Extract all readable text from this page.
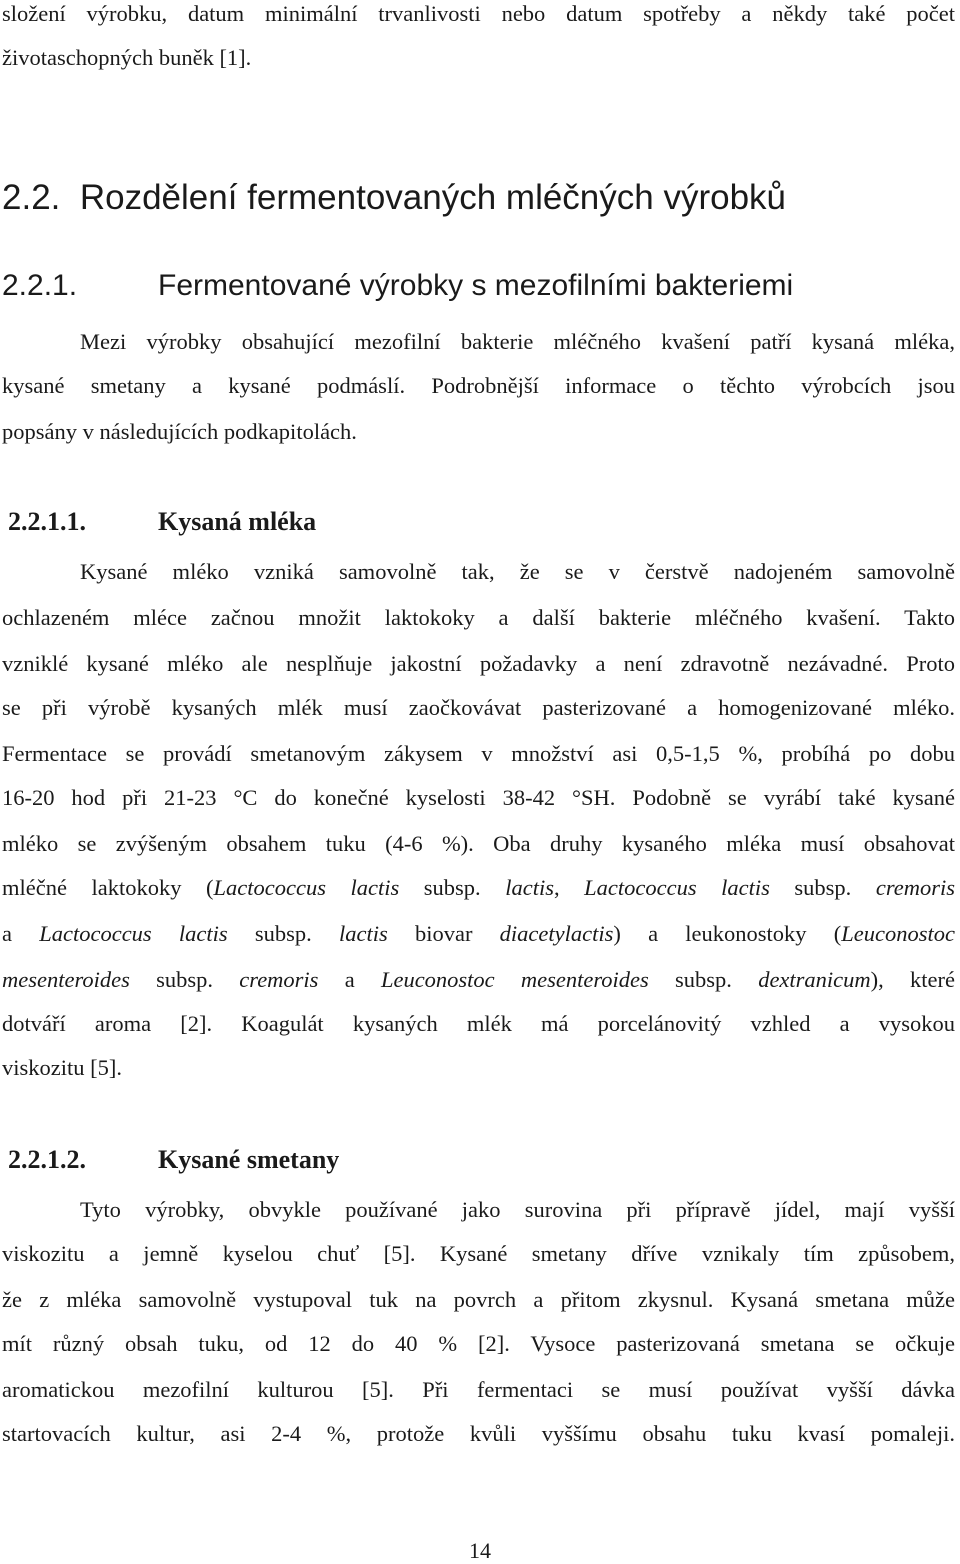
složení výrobku, datum minimální trvanlivosti nebo datum spotřeby a někdy také počet
životaschopných buněk [1].
2.2. Rozdělení fermentovaných mléčných výrobků
2.2.1.	Fermentované výrobky s mezofilními bakteriemi
Mezi výrobky obsahující mezofilní bakterie mléčného kvašení patří kysaná mléka,
kysané smetany a kysané podmáslí. Podrobnější informace o těchto výrobcích jsou
popsány v následujících podkapitolách.
2.2.1.1.	Kysaná mléka
Kysané mléko vzniká samovolně tak, že se v čerstvě nadojeném samovolně
ochlazeném mléce začnou množit laktokoky a další bakterie mléčného kvašení. Takto
vzniklé kysané mléko ale nesplňuje jakostní požadavky a není zdravotně nezávadné. Proto
se při výrobě kysaných mlék musí zaočkovávat pasterizované a homogenizované mléko.
Fermentace se provádí smetanovým zákysem v množství asi 0,5-1,5 %, probíhá po dobu
16-20 hod při 21-23 °C do konečné kyselosti 38-42 °SH. Podobně se vyrábí také kysané
mléko se zvýšeným obsahem tuku (4-6 %). Oba druhy kysaného mléka musí obsahovat
mléčné laktokoky (Lactococcus lactis subsp. lactis, Lactococcus lactis subsp. cremoris
a Lactococcus lactis subsp. lactis biovar diacetylactis) a leukonostoky (Leuconostoc
mesenteroides subsp. cremoris a Leuconostoc mesenteroides subsp. dextranicum), které
dotváří aroma [2]. Koagulát kysaných mlék má porcelánovitý vzhled a vysokou
viskozitu [5].
2.2.1.2.	Kysané smetany
Tyto výrobky, obvykle používané jako surovina při přípravě jídel, mají vyšší
viskozitu a jemně kyselou chuť [5]. Kysané smetany dříve vznikaly tím způsobem,
že z mléka samovolně vystupoval tuk na povrch a přitom zkysnul. Kysaná smetana může
mít různý obsah tuku, od 12 do 40 % [2]. Vysoce pasterizovaná smetana se očkuje
aromatickou mezofilní kulturou [5]. Při fermentaci se musí používat vyšší dávka
startovacích kultur, asi 2-4 %, protože kvůli vyššímu obsahu tuku kvasí pomaleji.
14
